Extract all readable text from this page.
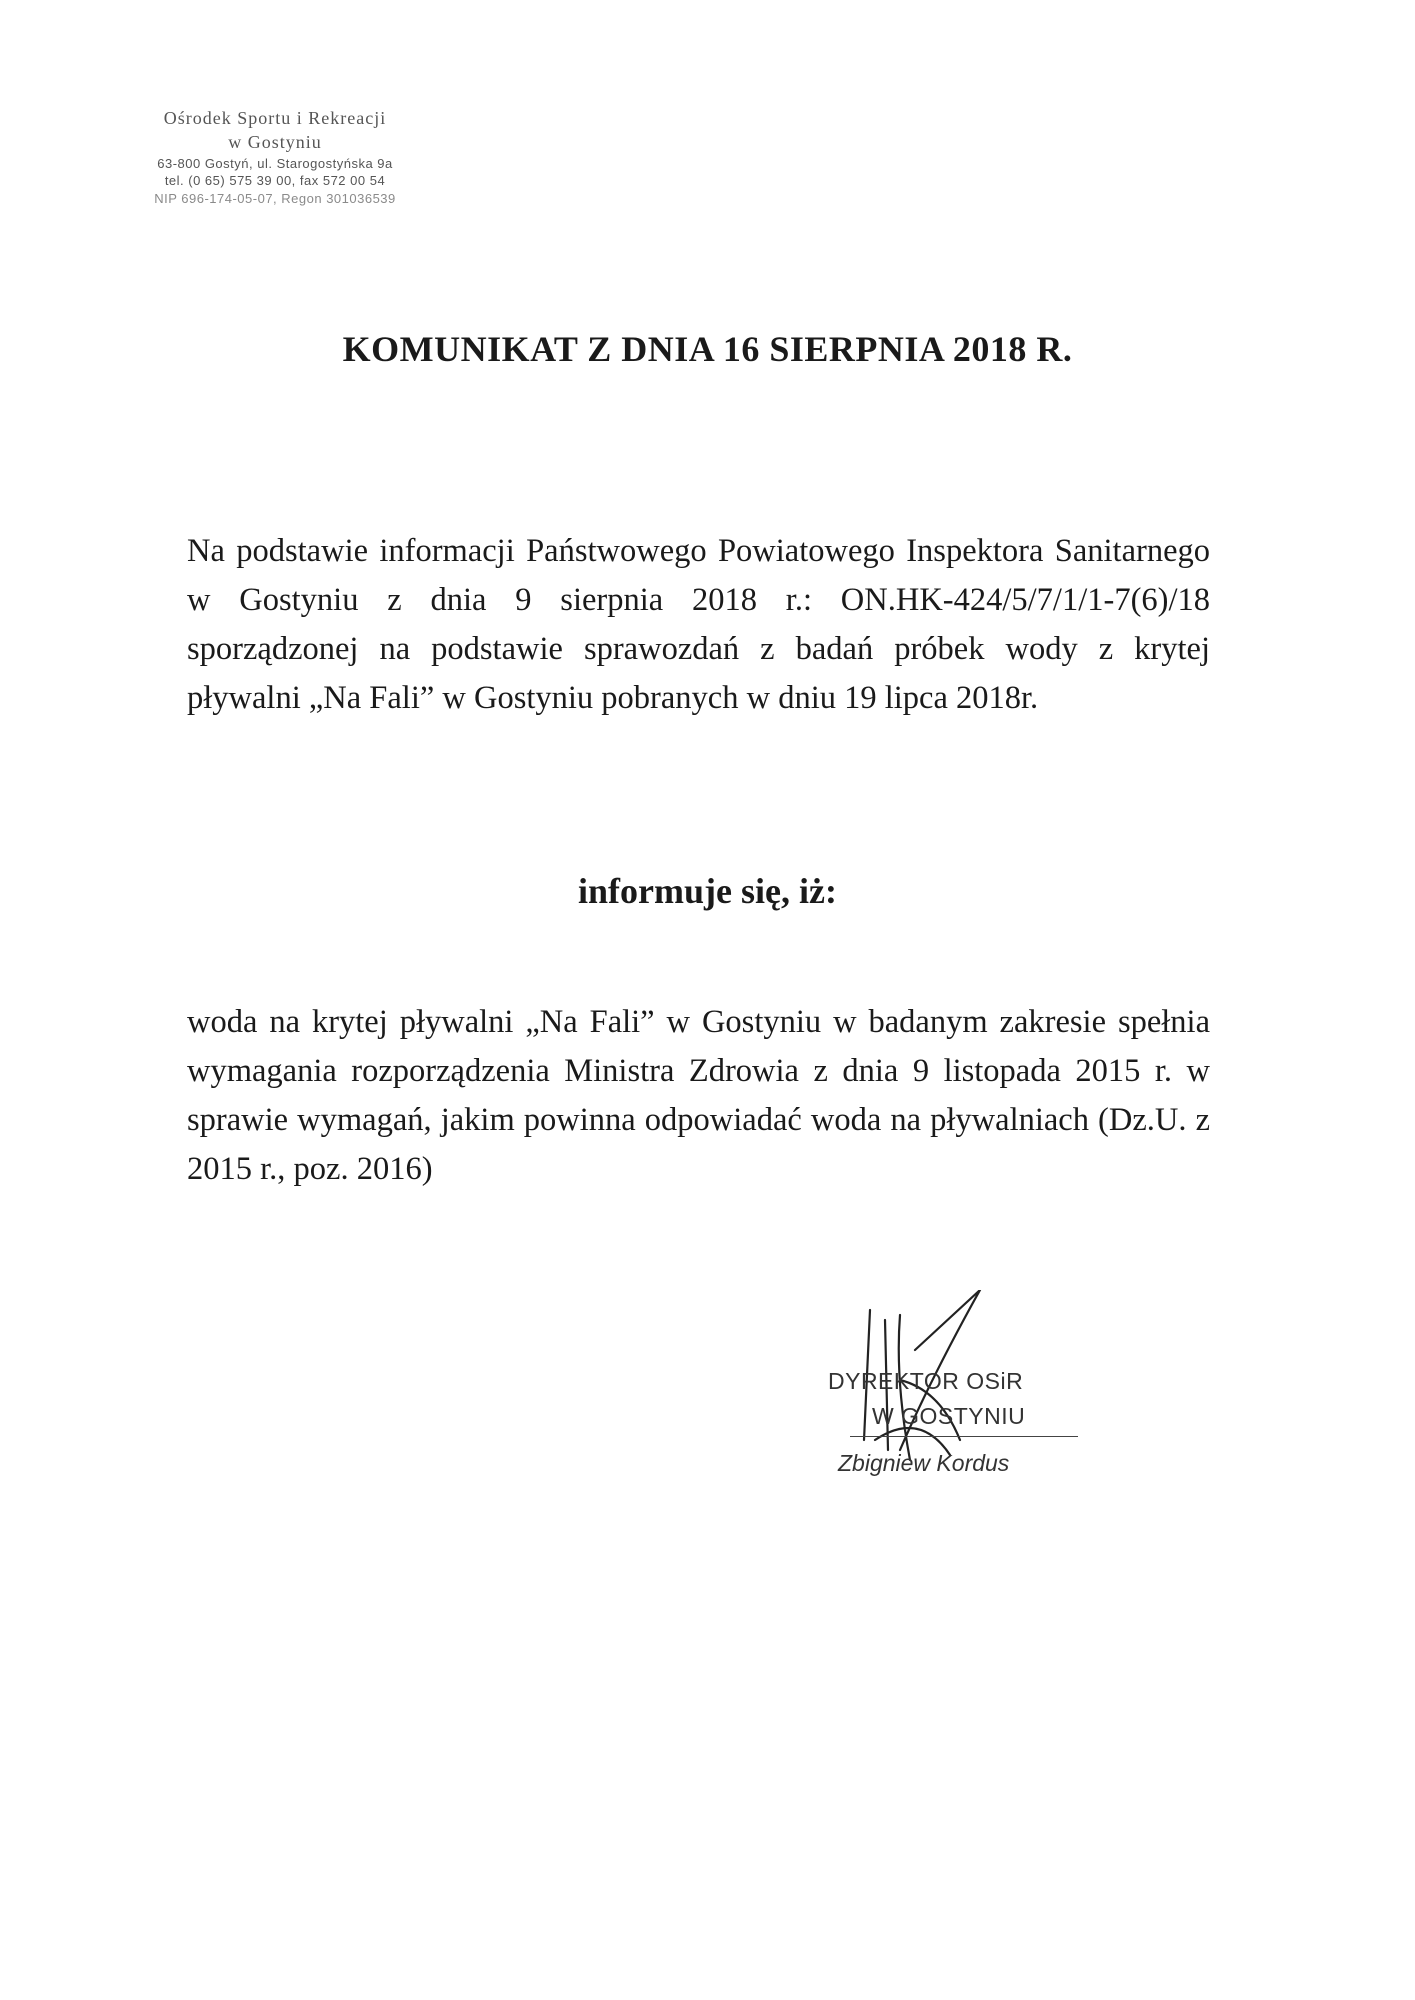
Ośrodek Sportu i Rekreacji
w Gostyniu
63-800 Gostyń, ul. Starogostyńska 9a
tel. (0 65) 575 39 00, fax 572 00 54
NIP 696-174-05-07, Regon 301036539
KOMUNIKAT Z DNIA 16 SIERPNIA 2018 R.

Na podstawie informacji Państwowego Powiatowego Inspektora Sanitarnego w Gostyniu z dnia 9 sierpnia 2018 r.: ON.HK-424/5/7/1/1-7(6)/18 sporządzonej na podstawie sprawozdań z badań próbek wody z krytej pływalni „Na Fali” w Gostyniu pobranych w dniu 19 lipca 2018r.

informuje się, iż:

woda na krytej pływalni „Na Fali” w Gostyniu w badanym zakresie spełnia wymagania rozporządzenia Ministra Zdrowia z dnia 9 listopada 2015 r. w sprawie wymagań, jakim powinna odpowiadać woda na pływalniach (Dz.U. z 2015 r., poz. 2016)

DYREKTOR OSiR
W GOSTYNIU
Zbigniew Kordus
